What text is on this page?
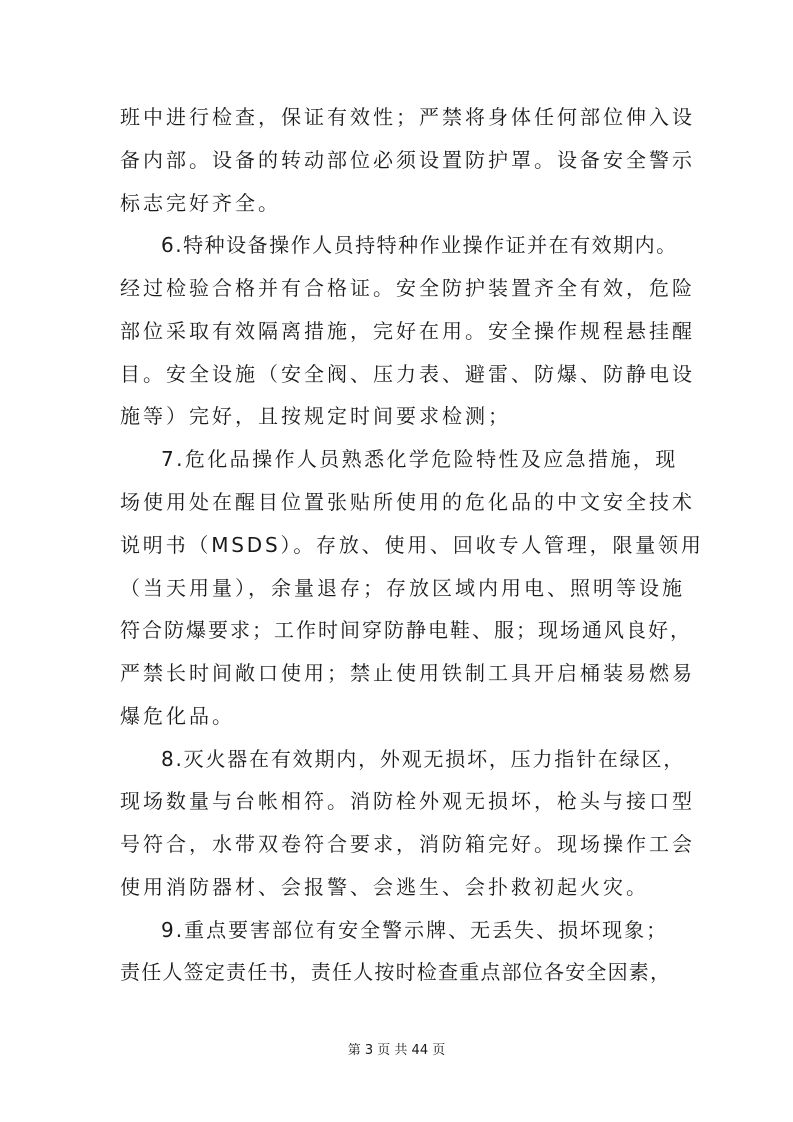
班中进行检查，保证有效性；严禁将身体任何部位伸入设
备内部。设备的转动部位必须设置防护罩。设备安全警示
标志完好齐全。
6.特种设备操作人员持特种作业操作证并在有效期内。
经过检验合格并有合格证。安全防护装置齐全有效，危险
部位采取有效隔离措施，完好在用。安全操作规程悬挂醒
目。安全设施（安全阀、压力表、避雷、防爆、防静电设
施等）完好，且按规定时间要求检测；
7.危化品操作人员熟悉化学危险特性及应急措施，现
场使用处在醒目位置张贴所使用的危化品的中文安全技术
说明书（MSDS）。存放、使用、回收专人管理，限量领用
（当天用量），余量退存；存放区域内用电、照明等设施
符合防爆要求；工作时间穿防静电鞋、服；现场通风良好，
严禁长时间敞口使用；禁止使用铁制工具开启桶装易燃易
爆危化品。
8.灭火器在有效期内，外观无损坏，压力指针在绿区，
现场数量与台帐相符。消防栓外观无损坏，枪头与接口型
号符合，水带双卷符合要求，消防箱完好。现场操作工会
使用消防器材、会报警、会逃生、会扑救初起火灾。
9.重点要害部位有安全警示牌、无丢失、损坏现象；
责任人签定责任书，责任人按时检查重点部位各安全因素，
第 3 页 共 44 页
